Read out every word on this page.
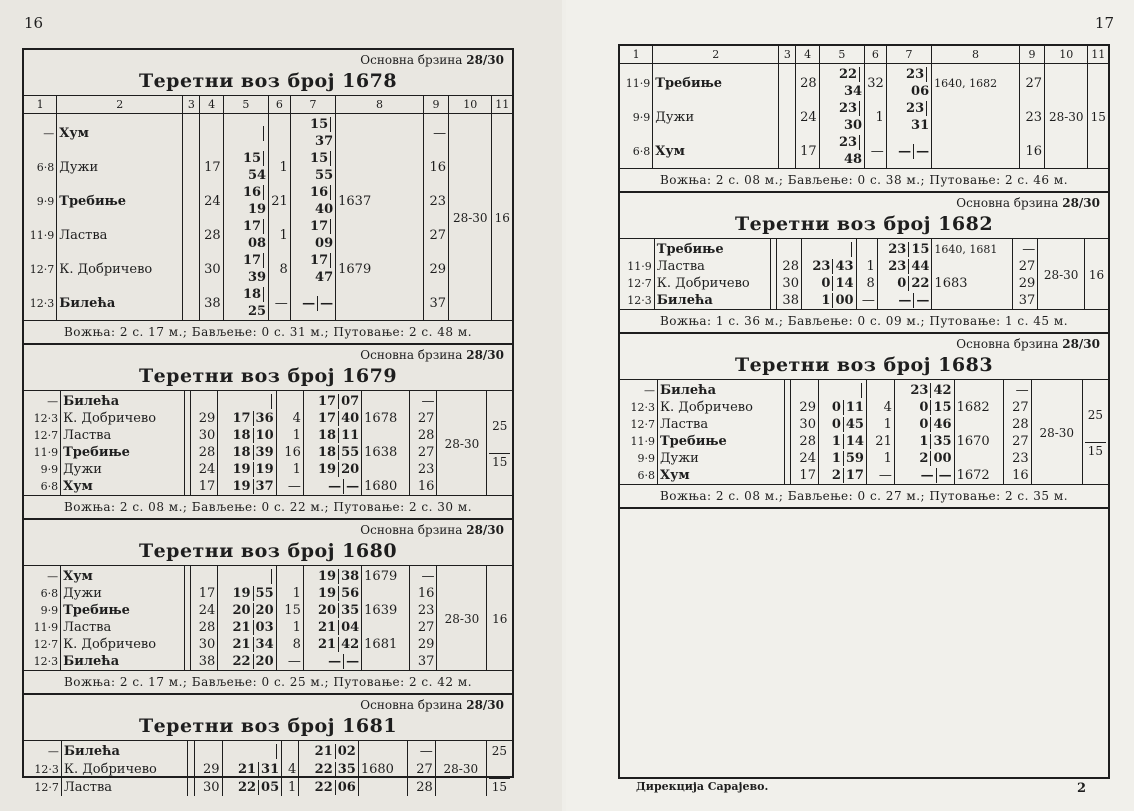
16
Основна брзина 28/30
Теретни воз број 1678
1	2	3	4	5	6	7	8	9	10	11
—	Хум					1537		—	28-30	16

6·8	Дужи		17	1554	1	1555		16		
9·9	Требиње		24	1619	21	1640	1637	23		
11·9	Ластва		28	1708	1	1709		27		
12·7	К. Добричево		30	1739	8	1747	1679	29		
12·3	Билећа		38	1825	—	— —		37		
Вожња: 2 с. 17 м.; Бављење: 0 с. 31 м.; Путовање: 2 с. 48 м.
Основна брзина 28/30
Теретни воз број 1679
—	Билећа					17 07		—	28-30	25
15

12·3	К. Добричево		29	17 36	4	17 40	1678	27		
12·7	Ластва		30	18 10	1	18 11		28		
11·9	Требиње		28	18 39	16	18 55	1638	27		
9·9	Дужи		24	19 19	1	19 20		23		
6·8	Хум		17	19 37	—	— —	1680	16		
Вожња: 2 с. 08 м.; Бављење: 0 с. 22 м.; Путовање: 2 с. 30 м.
Основна брзина 28/30
Теретни воз број 1680
—	Хум					19 38	1679	—	28-30	16

6·8	Дужи		17	19 55	1	19 56		16		
9·9	Требиње		24	20 20	15	20 35	1639	23		
11·9	Ластва		28	21 03	1	21 04		27		
12·7	К. Добричево		30	21 34	8	21 42	1681	29		
12·3	Билећа		38	22 20	—	— —		37		
Вожња: 2 с. 17 м.; Бављење: 0 с. 25 м.; Путовање: 2 с. 42 м.
Основна брзина 28/30
Теретни воз број 1681
—	Билећа					21 02		—	28-30	25
15

12·3	К. Добричево		29	21 31	4	22 35	1680	27		
12·7	Ластва		30	22 05	1	22 06		28		
17
1	2	3	4	5	6	7	8	9	10	11
11·9	Требиње		28	2234	32	2306	1640, 1682	27	28-30	15

9·9	Дужи		24	2330	1	2331		23		
6·8	Хум		17	2348	—	— —		16		
Вожња: 2 с. 08 м.; Бављење: 0 с. 38 м.; Путовање: 2 с. 46 м.
Основна брзина 28/30
Теретни воз број 1682
	Требиње					23 15	1640, 1681	—	28-30	16

11·9	Ластва		28	23 43	1	23 44		27		
12·7	К. Добричево		30	0 14	8	0 22	1683	29		
12·3	Билећа		38	1 00	—	— —		37		
Вожња: 1 с. 36 м.; Бављење: 0 с. 09 м.; Путовање: 1 с. 45 м.
Основна брзина 28/30
Теретни воз број 1683
—	Билећа					23 42		—	28-30	25
15

12·3	К. Добричево		29	0 11	4	0 15	1682	27		
12·7	Ластва		30	0 45	1	0 46		28		
11·9	Требиње		28	1 14	21	1 35	1670	27		
9·9	Дужи		24	1 59	1	2 00		23		
6·8	Хум		17	2 17	—	— —	1672	16		
Вожња: 2 с. 08 м.; Бављење: 0 с. 27 м.; Путовање: 2 с. 35 м.
Дирекција Сарајево.	2
